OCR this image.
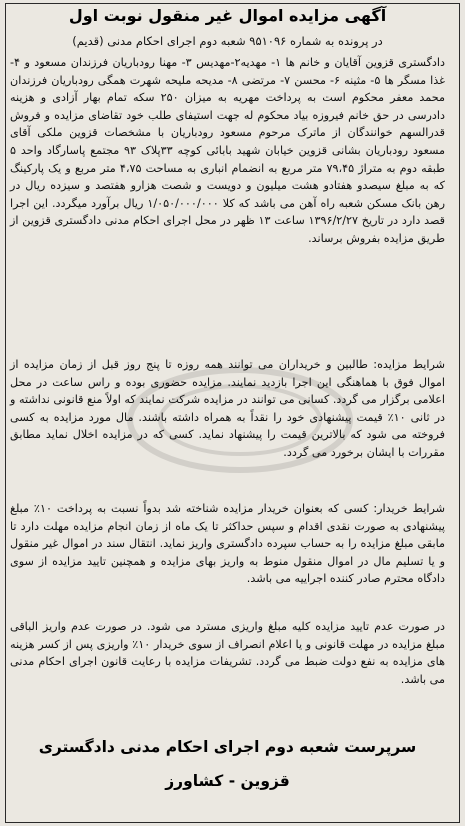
آگهی مزایده اموال غیر منقول نوبت اول
در پرونده به شماره ۹۵۱۰۹۶ شعبه دوم اجرای احکام مدنی (قدیم)

دادگستری قزوین آقایان و خانم ها ۱- مهدیه۲-مهدیس ۳- مهنا رودباریان فرزندان مسعود و ۴- غذا مسگر ها ۵- مثینه ۶- محسن ۷- مرتضی ۸- مدیحه ملیحه شهرت همگی رودباریان فرزندان محمد معفر محکوم است به پرداخت مهریه به میزان ۲۵۰ سکه تمام بهار آزادی و هزینه دادرسی در حق خانم فیروزه بیاد محکوم له جهت استیفای طلب خود تقاضای مزایده و فروش قدرالسهم خوانندگان از ماترک مرحوم مسعود رودباریان با مشخصات قزوین ملکی آقای مسعود رودباریان بشانی قزوین خیابان شهید بابائی کوچه ۳۳پلاک ۹۳ مجتمع پاسارگاد واحد ۵ طبقه دوم به متراژ ۷۹،۴۵ متر مربع به انضمام انباری به مساحت ۴،۷۵ متر مربع و یک پارکینگ که به مبلغ سیصدو هفتادو هشت میلیون و دویست و شصت هزارو هفتصد و سیزده ریال در رهن بانک مسکن شعبه راه آهن می باشد که کلا ۱/۰۵۰/۰۰۰/۰۰۰ ریال برآورد میگردد. این اجرا قصد دارد در تاریخ ۱۳۹۶/۲/۲۷ ساعت ۱۳ ظهر در محل اجرای احکام مدنی دادگستری قزوین از طریق مزایده بفروش برساند.

شرایط مزایده: طالبین و خریداران می توانند همه روزه تا پنج روز قبل از زمان مزایده از اموال فوق با هماهنگی این اجرا بازدید نمایند. مزایده حضوری بوده و راس ساعت در محل اعلامی برگزار می گردد. کسانی می توانند در مزایده شرکت نمایند که اولاً منع قانونی نداشته و در ثانی ۱۰٪ قیمت پیشنهادی خود را نقداً به همراه داشته باشند. مال مورد مزایده به کسی فروخته می شود که بالاترین قیمت را پیشنهاد نماید. کسی که در مزایده اخلال نماید مطابق مقررات با ایشان برخورد می گردد.

شرایط خریدار: کسی که بعنوان خریدار مزایده شناخته شد بدواً نسبت به پرداخت ۱۰٪ مبلغ پیشنهادی به صورت نقدی اقدام و سپس حداکثر تا یک ماه از زمان انجام مزایده مهلت دارد تا مابقی مبلغ مزایده را به حساب سپرده دادگستری واریز نماید. انتقال سند در اموال غیر منقول و یا تسلیم مال در اموال منقول منوط به واریز بهای مزایده و همچنین تایید مزایده از سوی دادگاه محترم صادر کننده اجراییه می باشد.

در صورت عدم تایید مزایده کلیه مبلغ واریزی مسترد می شود. در صورت عدم واریز الباقی مبلغ مزایده در مهلت قانونی و یا اعلام انصراف از سوی خریدار ۱۰٪ واریزی پس از کسر هزینه های مزایده به نفع دولت ضبط می گردد. تشریفات مزایده با رعایت قانون اجرای احکام مدنی می باشد.

سرپرست شعبه دوم اجرای احکام مدنی دادگستری
قزوین - کشاورز
